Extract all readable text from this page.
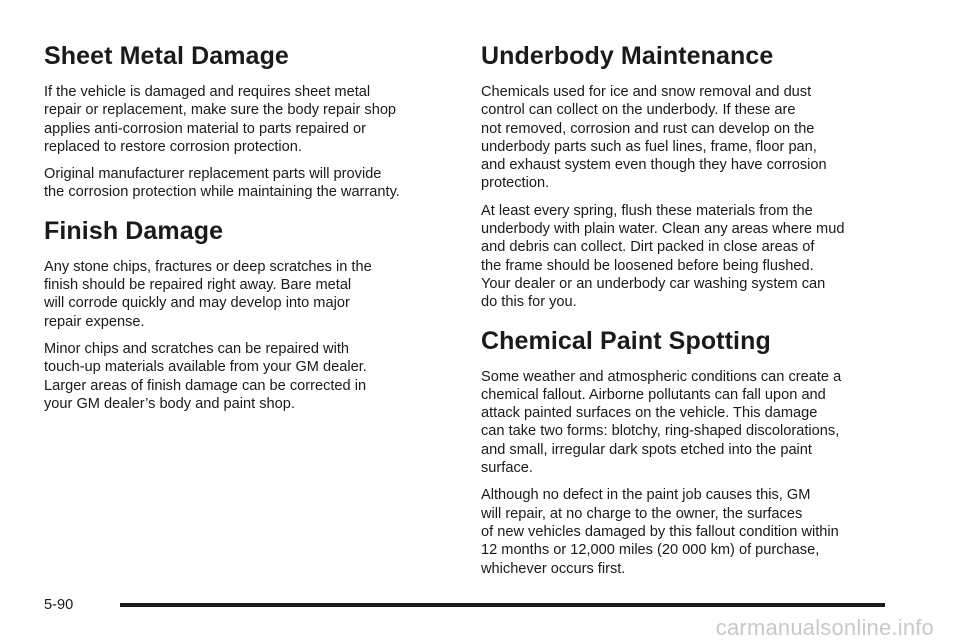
Sheet Metal Damage

If the vehicle is damaged and requires sheet metal
repair or replacement, make sure the body repair shop
applies anti-corrosion material to parts repaired or
replaced to restore corrosion protection.

Original manufacturer replacement parts will provide
the corrosion protection while maintaining the warranty.

Finish Damage

Any stone chips, fractures or deep scratches in the
finish should be repaired right away. Bare metal
will corrode quickly and may develop into major
repair expense.

Minor chips and scratches can be repaired with
touch-up materials available from your GM dealer.
Larger areas of finish damage can be corrected in
your GM dealer’s body and paint shop.

Underbody Maintenance

Chemicals used for ice and snow removal and dust
control can collect on the underbody. If these are
not removed, corrosion and rust can develop on the
underbody parts such as fuel lines, frame, floor pan,
and exhaust system even though they have corrosion
protection.

At least every spring, flush these materials from the
underbody with plain water. Clean any areas where mud
and debris can collect. Dirt packed in close areas of
the frame should be loosened before being flushed.
Your dealer or an underbody car washing system can
do this for you.

Chemical Paint Spotting

Some weather and atmospheric conditions can create a
chemical fallout. Airborne pollutants can fall upon and
attack painted surfaces on the vehicle. This damage
can take two forms: blotchy, ring-shaped discolorations,
and small, irregular dark spots etched into the paint
surface.

Although no defect in the paint job causes this, GM
will repair, at no charge to the owner, the surfaces
of new vehicles damaged by this fallout condition within
12 months or 12,000 miles (20 000 km) of purchase,
whichever occurs first.

5-90
carmanualsonline.info
